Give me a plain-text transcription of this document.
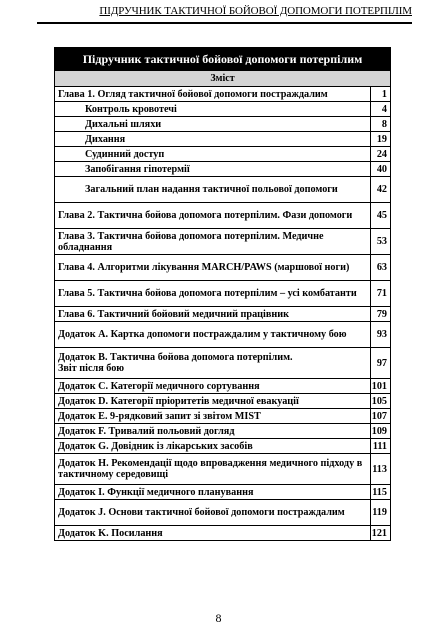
ПІДРУЧНИК ТАКТИЧНОЇ БОЙОВОЇ ДОПОМОГИ ПОТЕРПІЛІМ
Підручник тактичної бойової допомоги потерпілим	
Зміст	
Глава 1. Огляд тактичної бойової допомоги постраждалим	1
Контроль кровотечі	4
Дихальні шляхи	8
Дихання	19
Судинний доступ	24
Запобігання гіпотермії	40
Загальний план надання тактичної польової допомоги	42
Глава 2. Тактична бойова допомога потерпілим. Фази допомоги	45
Глава 3. Тактична бойова допомога потерпілим. Медичне обладнання	53
Глава 4. Алгоритми лікування MARCH/PAWS (маршової ноги)	63
Глава 5. Тактична бойова допомога потерпілим – усі комбатанти	71
Глава 6. Тактичний бойовий медичний працівник	79
Додаток A. Картка допомоги постраждалим у тактичному бою	93
Додаток B. Тактична бойова допомога потерпілим.
Звіт після бою	97
Додаток C. Категорії медичного сортування	101
Додаток D. Категорії пріоритетів медичної евакуації	105
Додаток E. 9-рядковий запит зі звітом MIST	107
Додаток F. Тривалий польовий догляд	109
Додаток G. Довідник із лікарських засобів	111
Додаток H. Рекомендації щодо впровадження медичного підходу в тактичному середовищі	113
Додаток I. Функції медичного планування	115
Додаток J. Основи тактичної бойової допомоги постраждалим	119
Додаток K. Посилання	121
8
